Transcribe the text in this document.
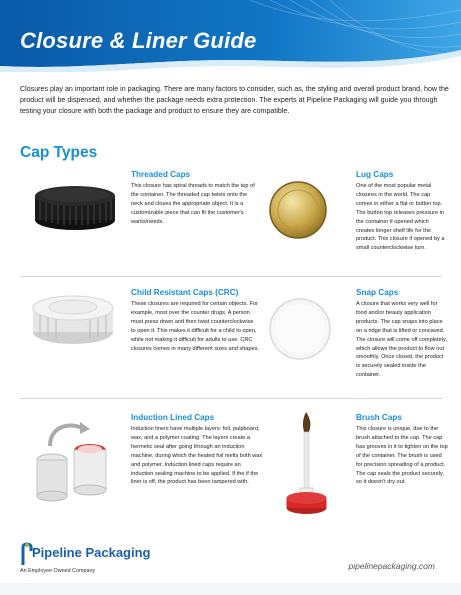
Closure & Liner Guide
Closures play an important role in packaging. There are many factors to consider, such as, the styling and overall product brand, how the product will be dispensed, and whether the package needs extra protection. The experts at Pipeline Packaging will guide you through testing your closure with both the package and product to ensure they are compatible.
Cap Types
Threaded Caps
This closure has spiral threads to match the top of the container. The threaded cap twists onto the neck and closes the appropriate object. It is a customizable piece that can fit the customer's wants/needs.
Lug Caps
One of the most popular metal closures in the world. The cap comes in either a flat or button top. The button top releases pressure in the container if opened which creates longer shelf life for the product. This closure if opened by a small counterclockwise turn.
Child Resistant Caps (CRC)
These closures are required for certain objects. For example, most over the counter drugs. A person must press down and then twist counterclockwise to open it. This makes it difficult for a child to open, while not making it difficult for adults to use. CRC closures comes in many different sizes and shapes.
Snap Caps
A closure that works very well for food and/or beauty application products. The cap snaps into place on a ridge that is lifted or concaved. The closure will come off completely, which allows the product to flow out smoothly. Once closed, the product is securely sealed inside the container.
Induction Lined Caps
Induction liners have multiple layers: foil, pulpboard, wax, and a polymer coating. The layers create a hermetic seal after going through an induction machine, during which the heated foil melts both wax and polymer. Induction lined caps require an induction sealing machine to be applied. If the if the liner is off, the product has been tampered with.
Brush Caps
This closure is unique, due to the brush attached to the cap. The cap has grooves in it to tighten on the top of the container. The brush is used for precision spreading of a product. The cap seals the product securely, so it doesn't dry out.
Pipeline Packaging
An Employee Owned Company	pipelinepackaging.com
